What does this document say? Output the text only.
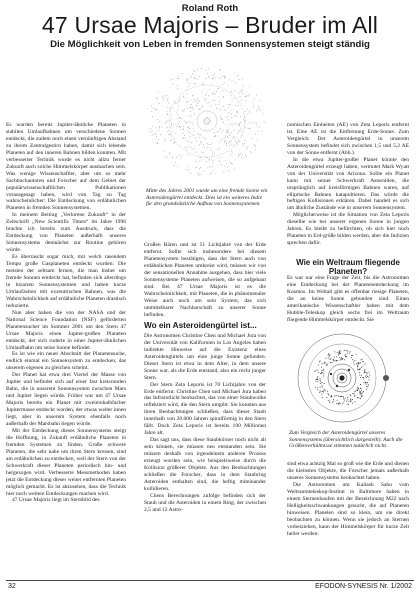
Roland Roth
47 Ursae Majoris – Bruder im All
Die Möglichkeit von Leben in fremden Sonnensystemen steigt ständig

Es wurden bereits Jupiter-ähnliche Planeten in stabilen Umlaufbahnen um verschiedene Sonnen entdeckt, die zudem noch einen vernünftigen Abstand zu ihrem Zentralgestirn haben, damit sich lebende Planeten auf den inneren Bahnen bilden konnten. Mit verbesserter Technik wurde es nicht allzu ferner Zukunft auch solche Himmelskörper ausmachen sein. Was wenige Wissenschaftler, aber um so mehr Sachbuchautoren und Forscher auf dem Gebiet der populärwissenschaftlichen Publikationen vorausgesagt haben, wird von Tag zu Tag wahrscheinlicher: Die Entdeckung von erdähnlichen Planeten in fremden Sonnensystemen.

In meinem Beitrag „Verlorene Zukunft“ in der Zeitschrift „New Scientific Times“ im Jahre 1996 brachte ich bereits zum Ausdruck, dass die Entdeckung von Planeten außerhalb unseres Sonnensystems demnächst zur Routine gehören würde.

Es überrascht sogar mich, mit welch rasendem Tempo große Gasplaneten entdeckt wurden: Die meisten der seltsam fernen, die man bisher um fremde Sonnen entdeckt hat, befinden sich allerdings in bizarren Sonnensystemen und haben kurze Umlaufzeiten mit exzentrischen Bahnen, was die Wahrscheinlichkeit auf erdähnliche Planeten drastisch reduzierte.

Nun aber haben die von der NASA und der National Science Foundation (NSF) geförderten Planetensucher im Sommer 2001 um den Stern 47 Ursae Majoris einen Jupiter-großen Planeten entdeckt, der sich ruderte in einer Jupiter-ähnlichen Umlaufbahn um seine Sonne befindet.

Es ist wie ein neuer Abschnitt der Planetensuche, endlich einmal ein Sonnensystem zu entdecken, das unserem eigenen zu gleichen scheint.

Der Planet hat etwa drei Viertel der Masse von Jupiter und befindet sich auf einer fast kreisrunden Bahn, die in unserem Sonnensystem zwischen Mars und Jupiter liegen würde. Früher war um 47 Ursae Majoris bereits ein Planet mit zweieinhalbfacher Jupitermasse entdeckt worden, der etwas weiter innen liegt, aber in unserem System ebenfalls noch außerhalb der Marsbahn liegen würde.

Mit der Entdeckung dieses Sonnensystems steigt die Hoffnung, in Zukunft erdähnliche Planeten in fremden Systemen zu finden. Große schwere Planeten, die sehr nahe um ihren Stern kreisen, sind am erdähnlichen zu entdecken, weil der Stern von der Schwerkraft dieser Planeten periodisch hin- und hergezogen wird. Verbesserte Messmethoden haben jetzt die Entdeckung dieser weiter entfernten Planeten möglich gemacht. Es ist abzusehen, dass die Technik hier noch weitere Entdeckungen machen wird.

47 Ursae Majoris liegt im Sternbild des

Mitte des Jahres 2001 wurde um eine fremde Sonne ein Asteroidengürtel entdeckt. Dies ist ein weiteres Indiz für den grundsätzliche Aufbau von Sonnensystemen.

Großen Bären und ist 51 Lichtjahre von der Erde entfernt. Sollte sich insbesondere bei diesem Planetensystem bestätigen, dass der Stern auch von erdähnlichen Planeten umkreist wird, müssen wir von der sensationellen Annahme ausgehen, dass hier viele Sonnensysteme Planeten aufweisen, die so aufgebaut sind. Bei 47 Ursae Majoris ist es die Wahrscheinlichkeit, mit Planeten, die in phänomenaler Weise auch noch um sein System, das sich unmittelbarer Nachbarschaft zu unserer Sonne befinden.

Wo ein Asteroidengürtel ist...

Die Astronomen Christine Chen und Michael Jura von der Universität von Kalifornien in Los Angeles haben indirekte Hinweise auf die Existenz eines Asteroidengürtels um eine junge Sonne gefunden. Dieser Stern ist etwa in dem Alter, in dem unsere Sonne war, als die Erde entstand, also ein recht junger Stern.

Der Stern Zeta Leporis ist 70 Lichtjahre von der Erde entfernt. Christine Chen und Michael Jura haben das Infrarotlicht beobachtet, das von einer Staubwolke reflektiert wird, die den Stern umgibt. Sie konnten aus ihren Beobachtungen schließen, dass dieser Staub innerhalb von 20.000 Jahren spiralförmig in den Stern fällt. Doch Zeta Leporis ist bereits 100 Millionen Jahre alt.

Das sagt uns, dass diese Staubkörner noch nicht alt sein können, sie müssen neu entstanden sein. Sie müssen deshalb von irgendeinem anderen Prozess erzeugt worden sein, wie beispielsweise durch die Kollision größerer Objekte. Aus den Beobachtungen schließen die Forscher, dass in dem Staubring Asteroiden enthalten sind, die heftig miteinander kollidieren.

Chens Berechnungen zufolge befinden sich der Staub und die Asteroiden in einem Ring, der zwischen 2,5 und 12 Astro-

nomischen Einheiten (AE) von Zeta Leporis entfernt ist. Eine AE ist die Entfernung Erde-Sonne. Zum Vergleich: Der Asteroidengürtel in unserem Sonnensystem befindet sich zwischen 1,5 und 5,2 AE von der Sonne entfernt (Abb.).

In die etwa Jupiter-großer Planet könnte den Asteroidengürtel erzeugt haben, vermutet Mark Wyatt von der Universität von Arizona. Sollte ein Planet kann mit seiner Schwerkraft Asteroiden, die ursprünglich auf kreisförmigen Bahnen waren, auf elliptische Bahnen katapultieren. Das würde die heftigen Kollisionen erklären. Dabei handelt es sich um ähnliche Zustände wie in unserem Sonnensystem.

Möglicherweise ist die Situation von Zeta Leporis dieselbe wie bei unserer eigenen Sonne in jungen Jahren. Es bleibt zu befürchten, ob sich hier noch Planeten in Erd-größe bilden werden, aber die Indizien sprechen dafür.

Wie ein Weltraum fliegende Planeten?

Es war nur eine Frage der Zeit, bis die Astronomen eine Entdeckung bei der Planetenentdeckung im Kosmos. Im Weltall gibt es offenbar riesige Planeten, die an keine Sonne gebunden sind. Einen amerikanische Wissenschaftler haben mit dem Hubble-Teleskop gleich sechs frei im Weltraum fliegende Himmelskörper entdeckt. Sie

Zum Vergleich der Asteroidengürtel unseres Sonnensystems (übersichtlich dargestellt). Auch die Größenverhältnisse stimmen natürlich nicht.

sind etwa achtzig Mal so groß wie die Erde und dienen die kleinsten Objekte, die Forscher jemals außerhalb unseres Sonnensystems beobachtet haben.

Die Astronomen um Kailash Sahu vom Weltraumteleskop-Institut in Baltimore haben in einem Sternenhaufen mit der Bezeichnung M22 nach Helligkeitsschwankungen gesucht, die auf Planeten hinweisen. Planeten sind so klein, um sie direkt beobachten zu können. Wenn sie jedoch an Sternen vorbeiziehen, kann der Himmelskörper für kurze Zeit heller werden:

32	EFODON-SYNESIS Nr. 1/2002
